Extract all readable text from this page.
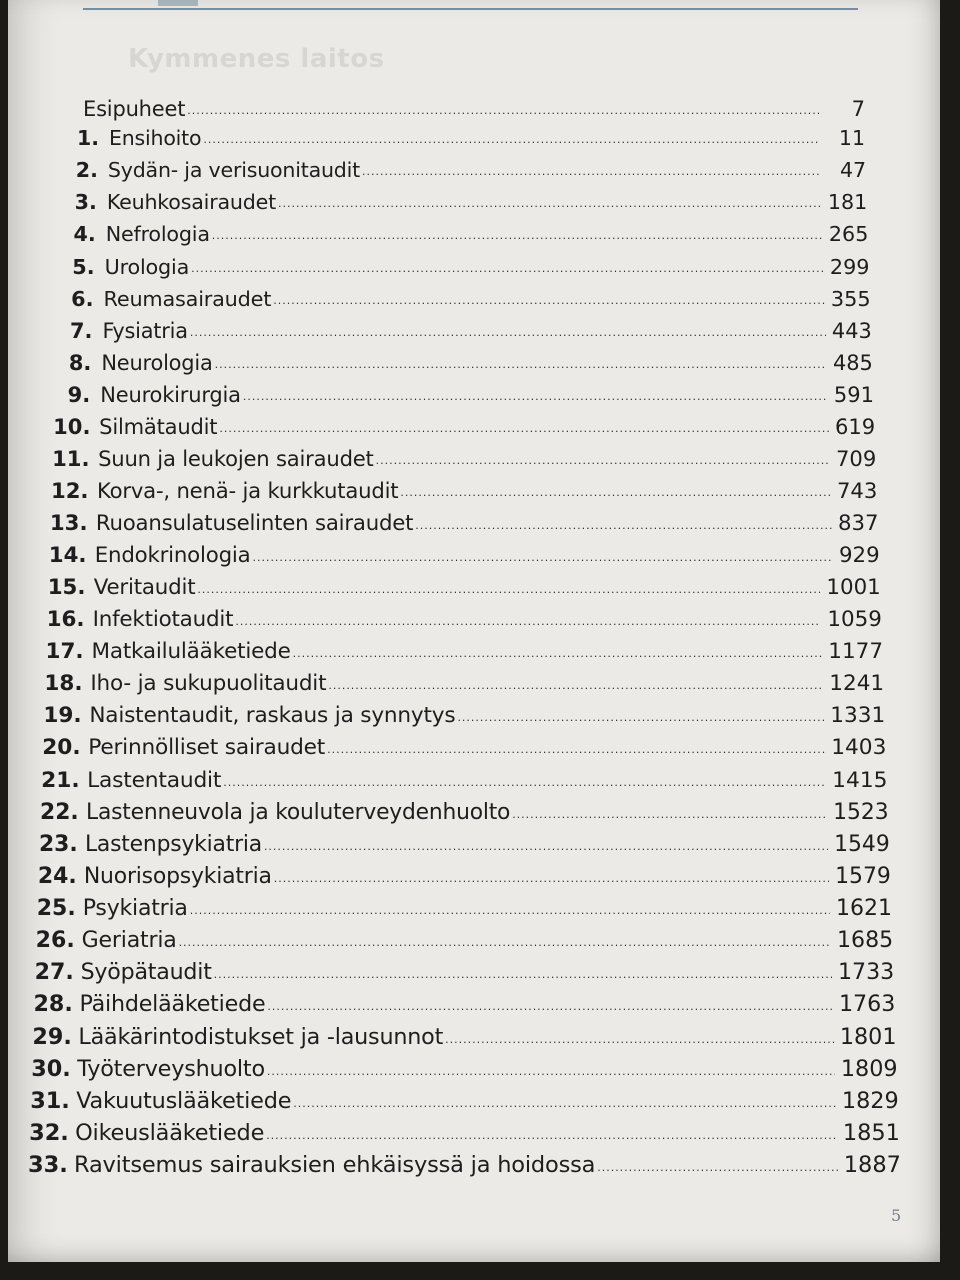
Kymmenes laitos
Esipuheet .....	7
1. Ensihoito .....	11
2. Sydän- ja verisuonitaudit .....	47
3. Keuhkosairaudet .....	181
4. Nefrologia .....	265
5. Urologia .....	299
6. Reumasairaudet .....	355
7. Fysiatria .....	443
8. Neurologia .....	485
9. Neurokirurgia .....	591
10. Silmätaudit .....	619
11. Suun ja leukojen sairaudet .....	709
12. Korva-, nenä- ja kurkkutaudit .....	743
13. Ruoansulatuselinten sairaudet .....	837
14. Endokrinologia .....	929
15. Veritaudit .....	1001
16. Infektiotaudit .....	1059
17. Matkailulääketiede .....	1177
18. Iho- ja sukupuolitaudit .....	1241
19. Naistentaudit, raskaus ja synnytys .....	1331
20. Perinnölliset sairaudet .....	1403
21. Lastentaudit .....	1415
22. Lastenneuvola ja kouluterveydenhuolto .....	1523
23. Lastenpsykiatria .....	1549
24. Nuorisopsykiatria .....	1579
25. Psykiatria .....	1621
26. Geriatria .....	1685
27. Syöpätaudit .....	1733
28. Päihdelääketiede .....	1763
29. Lääkärintodistukset ja -lausunnot .....	1801
30. Työterveyshuolto .....	1809
31. Vakuutuslääketiede .....	1829
32. Oikeuslääketiede .....	1851
33. Ravitsemus sairauksien ehkäisyssä ja hoidossa .....	1887
5
